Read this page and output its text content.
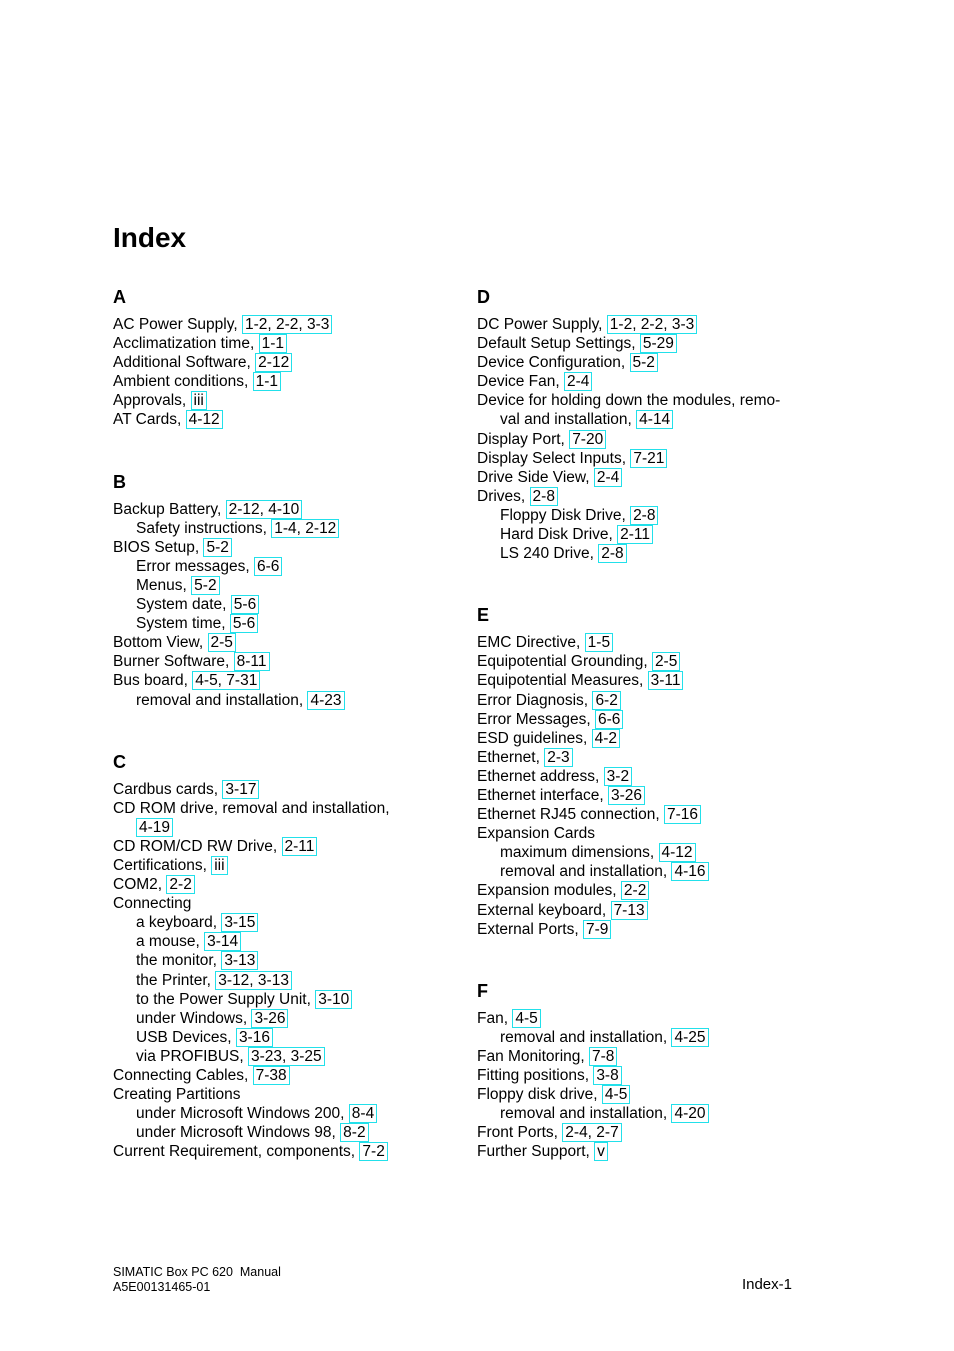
Index
A
AC Power Supply, 1-2, 2-2, 3-3
Acclimatization time, 1-1
Additional Software, 2-12
Ambient conditions, 1-1
Approvals, iii
AT Cards, 4-12
B
Backup Battery, 2-12, 4-10
Safety instructions, 1-4, 2-12
BIOS Setup, 5-2
Error messages, 6-6
Menus, 5-2
System date, 5-6
System time, 5-6
Bottom View, 2-5
Burner Software, 8-11
Bus board, 4-5, 7-31
removal and installation, 4-23
C
Cardbus cards, 3-17
CD ROM drive, removal and installation,
4-19
CD ROM/CD RW Drive, 2-11
Certifications, iii
COM2, 2-2
Connecting
a keyboard, 3-15
a mouse, 3-14
the monitor, 3-13
the Printer, 3-12, 3-13
to the Power Supply Unit, 3-10
under Windows, 3-26
USB Devices, 3-16
via PROFIBUS, 3-23, 3-25
Connecting Cables, 7-38
Creating Partitions
under Microsoft Windows 200, 8-4
under Microsoft Windows 98, 8-2
Current Requirement, components, 7-2
D
DC Power Supply, 1-2, 2-2, 3-3
Default Setup Settings, 5-29
Device Configuration, 5-2
Device Fan, 2-4
Device for holding down the modules, remo-
val and installation, 4-14
Display Port, 7-20
Display Select Inputs, 7-21
Drive Side View, 2-4
Drives, 2-8
Floppy Disk Drive, 2-8
Hard Disk Drive, 2-11
LS 240 Drive, 2-8
E
EMC Directive, 1-5
Equipotential Grounding, 2-5
Equipotential Measures, 3-11
Error Diagnosis, 6-2
Error Messages, 6-6
ESD guidelines, 4-2
Ethernet, 2-3
Ethernet address, 3-2
Ethernet interface, 3-26
Ethernet RJ45 connection, 7-16
Expansion Cards
maximum dimensions, 4-12
removal and installation, 4-16
Expansion modules, 2-2
External keyboard, 7-13
External Ports, 7-9
F
Fan, 4-5
removal and installation, 4-25
Fan Monitoring, 7-8
Fitting positions, 3-8
Floppy disk drive, 4-5
removal and installation, 4-20
Front Ports, 2-4, 2-7
Further Support, v
SIMATIC Box PC 620  Manual
A5E00131465-01	Index-1
